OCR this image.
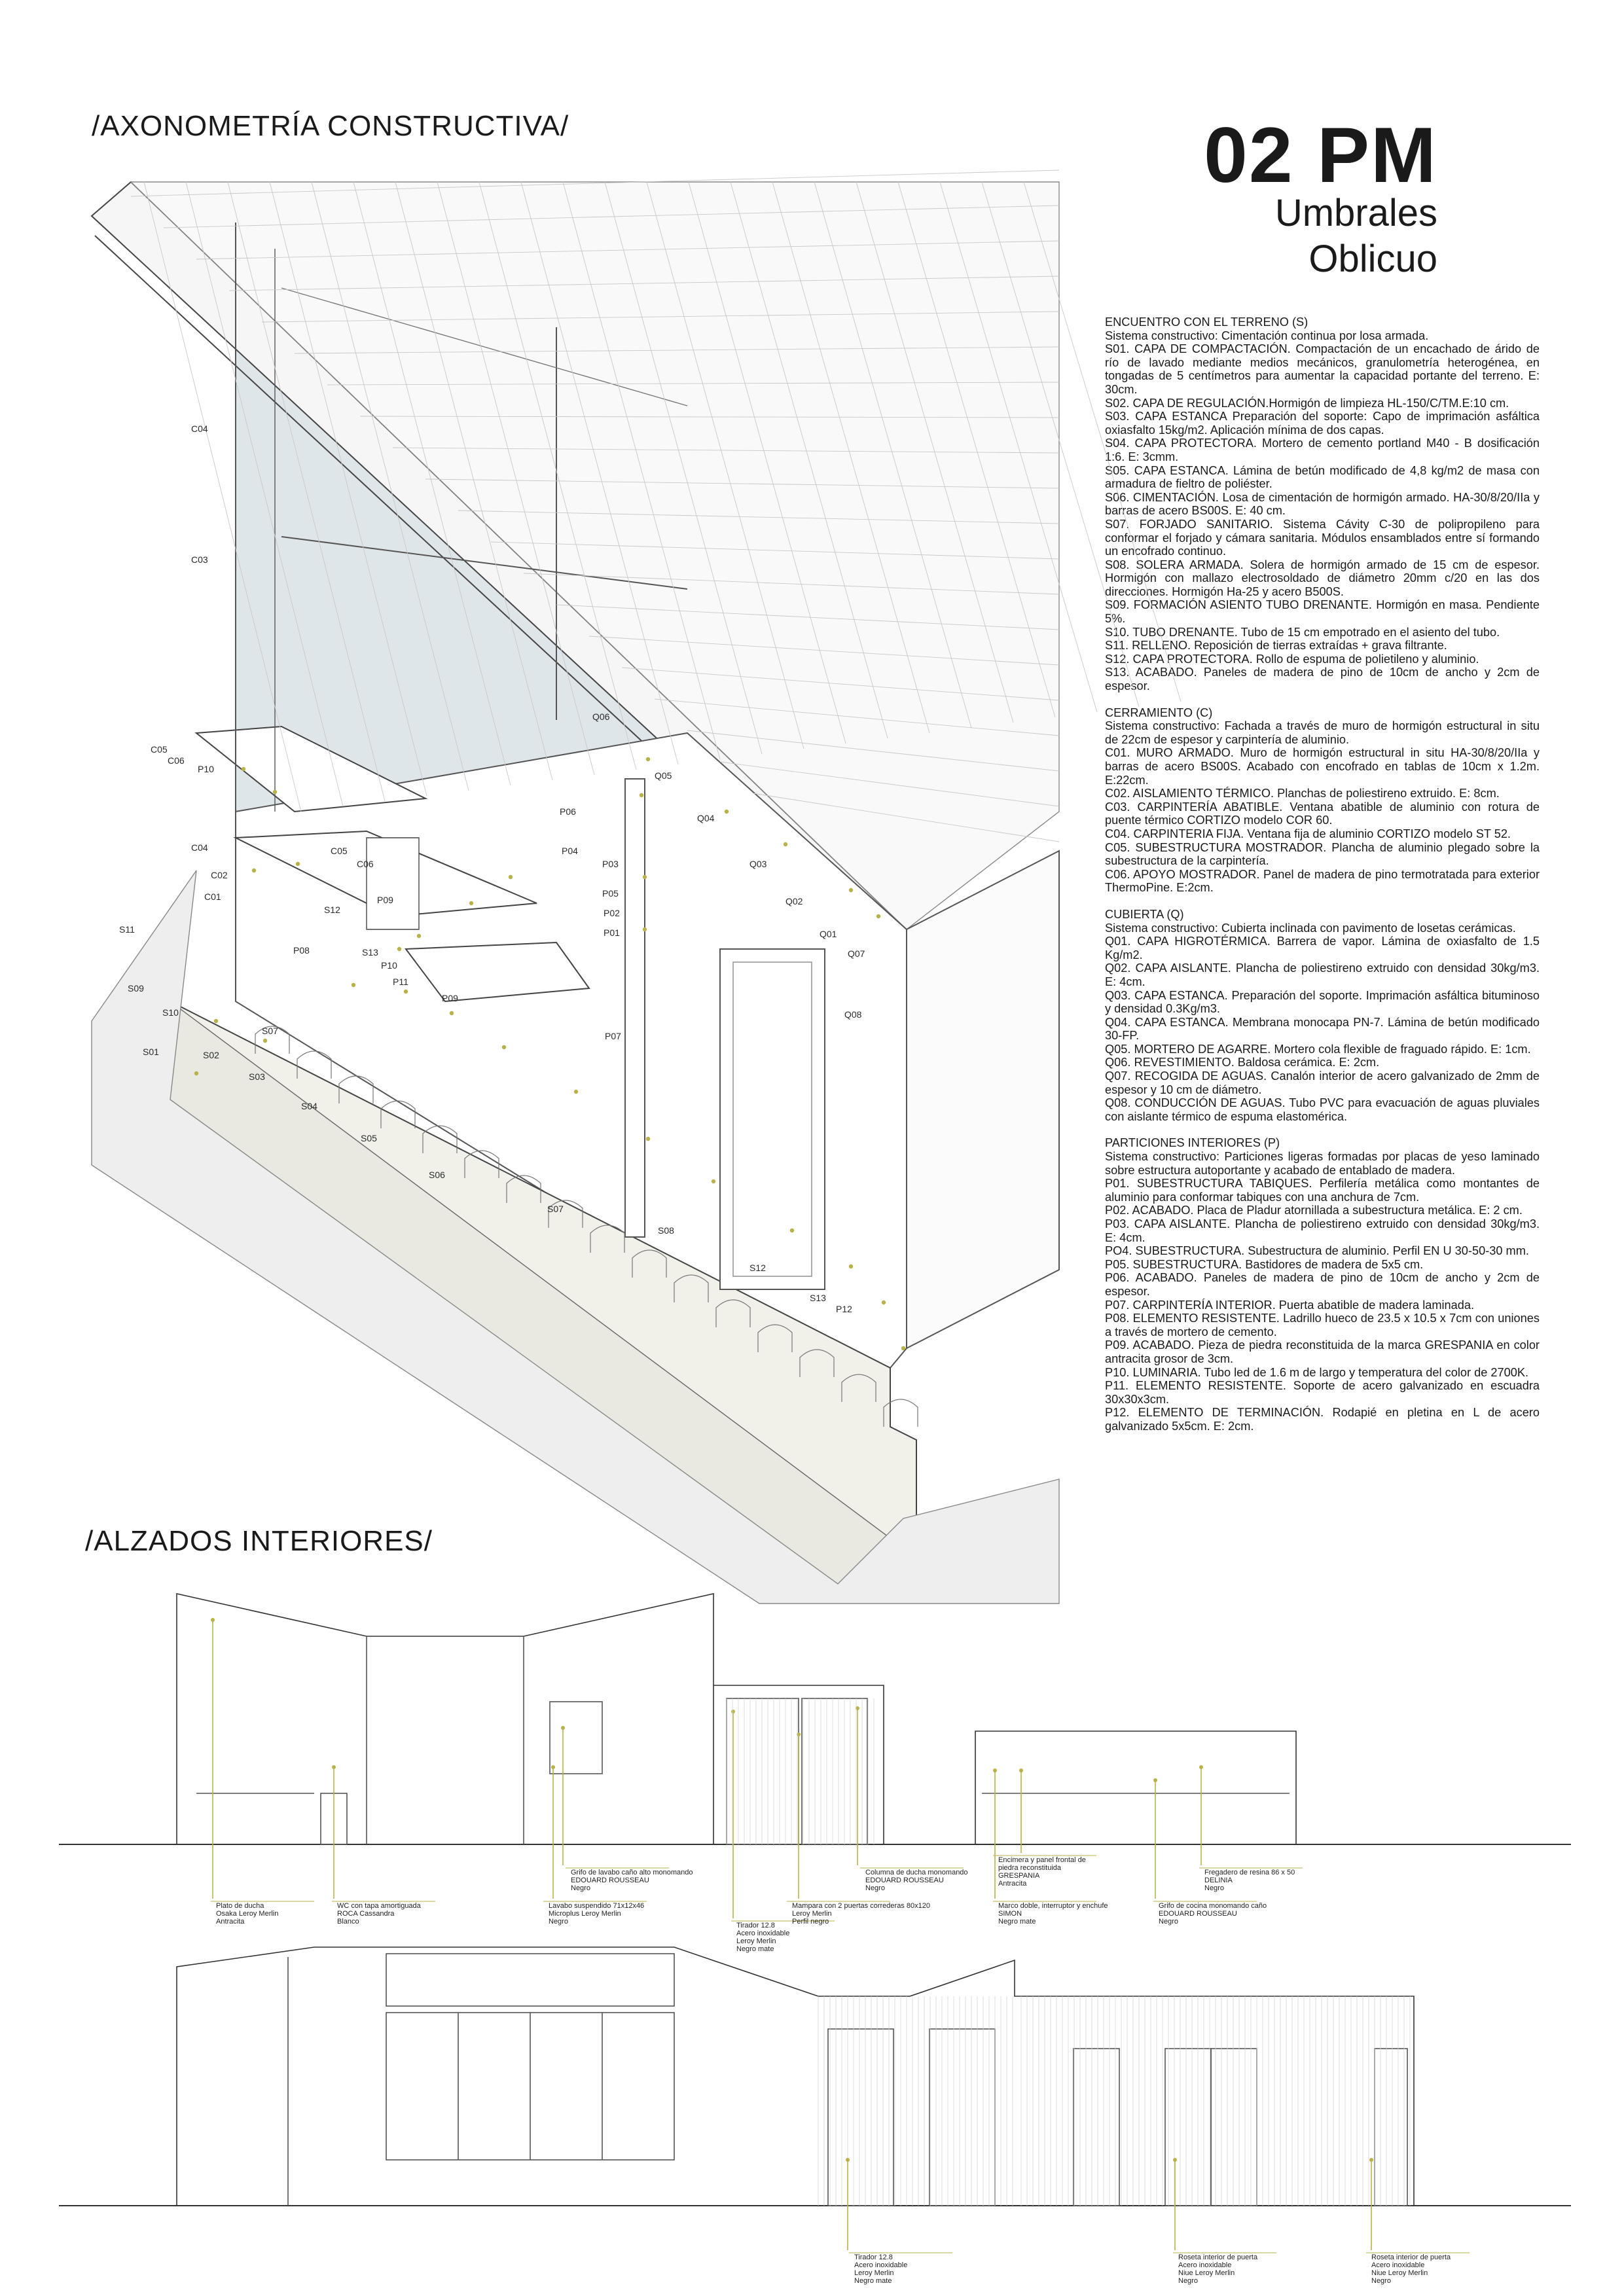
/AXONOMETRÍA CONSTRUCTIVA/
/ALZADOS INTERIORES/
02 PM
Umbrales
Oblicuo
ENCUENTRO CON EL TERRENO (S)
Sistema constructivo: Cimentación continua por losa armada.
S01. CAPA DE COMPACTACIÓN. Compactación de un encachado de árido de río de lavado mediante medios mecánicos, granulometría heterogénea, en tongadas de 5 centímetros para aumentar la capacidad portante del terreno. E: 30cm.
S02. CAPA DE REGULACIÓN.Hormigón de limpieza HL-150/C/TM.E:10 cm.
S03. CAPA ESTANCA Preparación del soporte: Capo de imprimación asfáltica oxiasfalto 15kg/m2. Aplicación mínima de dos capas.
S04. CAPA PROTECTORA. Mortero de cemento portland M40 - B dosificación 1:6. E: 3cmm.
S05. CAPA ESTANCA. Lámina de betún modificado de 4,8 kg/m2 de masa con armadura de fieltro de poliéster.
S06. CIMENTACIÓN. Losa de cimentación de hormigón armado. HA-30/8/20/IIa y barras de acero BS00S. E: 40 cm.
S07. FORJADO SANITARIO. Sistema Cávity C-30 de polipropileno para conformar el forjado y cámara sanitaria. Módulos ensamblados entre sí formando un encofrado continuo.
S08. SOLERA ARMADA. Solera de hormigón armado de 15 cm de espesor. Hormigón con mallazo electrosoldado de diámetro 20mm c/20 en las dos direcciones. Hormigón Ha-25 y acero B500S.
S09. FORMACIÓN ASIENTO TUBO DRENANTE. Hormigón en masa. Pendiente 5%.
S10. TUBO DRENANTE. Tubo de 15 cm empotrado en el asiento del tubo.
S11. RELLENO. Reposición de tierras extraídas + grava filtrante.
S12. CAPA PROTECTORA. Rollo de espuma de polietileno y aluminio.
S13. ACABADO. Paneles de madera de pino de 10cm de ancho y 2cm de espesor.
CERRAMIENTO (C)
Sistema constructivo: Fachada a través de muro de hormigón estructural in situ de 22cm de espesor y carpintería de aluminio.
C01. MURO ARMADO. Muro de hormigón estructural in situ HA-30/8/20/IIa y barras de acero BS00S. Acabado con encofrado en tablas de 10cm x 1.2m. E:22cm.
C02. AISLAMIENTO TÉRMICO. Planchas de poliestireno extruido. E: 8cm.
C03. CARPINTERÍA ABATIBLE. Ventana abatible de aluminio con rotura de puente térmico CORTIZO modelo COR 60.
C04. CARPINTERIA FIJA. Ventana fija de aluminio CORTIZO modelo ST 52.
C05. SUBESTRUCTURA MOSTRADOR. Plancha de aluminio plegado sobre la subestructura de la carpintería.
C06. APOYO MOSTRADOR. Panel de madera de pino termotratada para exterior ThermoPine. E:2cm.
CUBIERTA (Q)
Sistema constructivo: Cubierta inclinada con pavimento de losetas cerámicas.
Q01. CAPA HIGROTÉRMICA. Barrera de vapor. Lámina de oxiasfalto de 1.5 Kg/m2.
Q02. CAPA AISLANTE. Plancha de poliestireno extruido con densidad 30kg/m3. E: 4cm.
Q03. CAPA ESTANCA. Preparación del soporte. Imprimación asfáltica bituminoso y densidad 0.3Kg/m3.
Q04. CAPA ESTANCA. Membrana monocapa PN-7. Lámina de betún modificado 30-FP.
Q05. MORTERO DE AGARRE. Mortero cola flexible de fraguado rápido. E: 1cm.
Q06. REVESTIMIENTO. Baldosa cerámica. E: 2cm.
Q07. RECOGIDA DE AGUAS. Canalón interior de acero galvanizado de 2mm de espesor y 10 cm de diámetro.
Q08. CONDUCCIÓN DE AGUAS. Tubo PVC para evacuación de aguas pluviales con aislante térmico de espuma elastomérica.
PARTICIONES INTERIORES (P)
Sistema constructivo: Particiones ligeras formadas por placas de yeso laminado sobre estructura autoportante y acabado de entablado de madera.
P01. SUBESTRUCTURA TABIQUES. Perfilería metálica como montantes de aluminio para conformar tabiques con una anchura de 7cm.
P02. ACABADO. Placa de Pladur atornillada a subestructura metálica. E: 2 cm.
P03. CAPA AISLANTE. Plancha de poliestireno extruido con densidad 30kg/m3. E: 4cm.
PO4. SUBESTRUCTURA. Subestructura de aluminio. Perfil EN U 30-50-30 mm.
P05. SUBESTRUCTURA. Bastidores de madera de 5x5 cm.
P06. ACABADO. Paneles de madera de pino de 10cm de ancho y 2cm de espesor.
P07. CARPINTERÍA INTERIOR. Puerta abatible de madera laminada.
P08. ELEMENTO RESISTENTE. Ladrillo hueco de 23.5 x 10.5 x 7cm con uniones a través de mortero de cemento.
P09. ACABADO. Pieza de piedra reconstituida de la marca GRESPANIA en color antracita grosor de 3cm.
P10. LUMINARIA. Tubo led de 1.6 m de largo y temperatura del color de 2700K.
P11. ELEMENTO RESISTENTE. Soporte de acero galvanizado en escuadra 30x30x3cm.
P12. ELEMENTO DE TERMINACIÓN. Rodapié en pletina en L de acero galvanizado 5x5cm. E: 2cm.
C04
C03
C05
C06
P10
Q06
Q05
P06
Q04
Q03
Q02
Q01
Q07
Q08
C04	C05
C06
C02
C01
P04
P03
P05
P02
P01
S12
P09
P08	S13
P10
P11
P09
P07
S11
S09
S10
S07
S01	S02
S03
S04
S05
S06
S07
S08
S12
S13
P12
Plato de ducha
Osaka Leroy Merlin
Antracita
WC con tapa amortiguada
ROCA Cassandra
Blanco
Grifo de lavabo caño alto monomando
EDOUARD ROUSSEAU
Negro
Lavabo suspendido 71x12x46
Microplus Leroy Merlin
Negro	Tirador 12.8
Acero inoxidable
Leroy Merlin
Negro mate
Mampara con 2 puertas correderas 80x120
Leroy Merlin
Perfil negro
Columna de ducha monomando
EDOUARD ROUSSEAU
Negro
Marco doble, interruptor y enchufe
SIMON
Negro mate
Encimera y panel frontal de
piedra reconstituida
GRESPANIA
Antracita
Grifo de cocina monomando caño
EDOUARD ROUSSEAU
Negro
Fregadero de resina 86 x 50
DELINIA
Negro
Tirador 12.8
Acero inoxidable
Leroy Merlin
Negro mate
Roseta interior de puerta
Acero inoxidable
Niue Leroy Merlin
Negro
Roseta interior de puerta
Acero inoxidable
Niue Leroy Merlin
Negro
